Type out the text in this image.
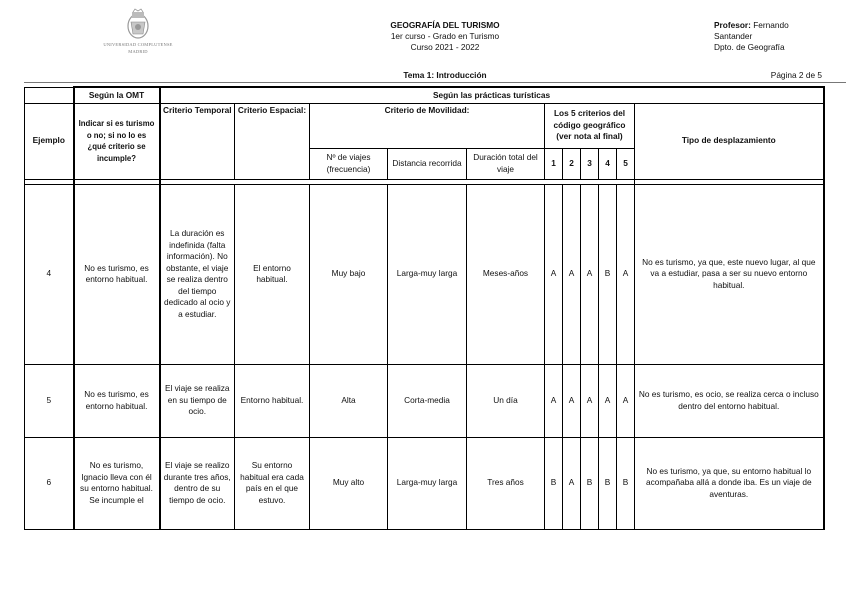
UNIVERSIDAD COMPLUTENSE
MADRID
GEOGRAFÍA DEL TURISMO
1er curso - Grado en Turismo
Curso 2021 - 2022
Profesor: Fernando
Santander
Dpto. de Geografía
Tema 1: Introducción	Página 2 de 5
	Según la OMT	Según las prácticas turísticas										
Ejemplo	Indicar si es turismo o no; si no lo es ¿qué criterio se incumple?	Criterio Temporal	Criterio Espacial:	Criterio de Movilidad:			Los 5 criterios del código geográfico (ver nota al final)					Tipo de desplazamiento
				Nº de viajes (frecuencia)	Distancia recorrida	Duración total del viaje	1	2	3	4	5	

4	No es turismo, es entorno habitual.	La duración es indefinida (falta información). No obstante, el viaje se realiza dentro del tiempo dedicado al ocio y a estudiar.	El entorno habitual.	Muy bajo	Larga-muy larga	Meses-años	A	A	A	B	A	No es turismo, ya que, este nuevo lugar, al que va a estudiar, pasa a ser su nuevo entorno habitual.
5	No es turismo, es entorno habitual.	El viaje se realiza en su tiempo de ocio.	Entorno habitual.	Alta	Corta-media	Un día	A	A	A	A	A	No es turismo, es ocio, se realiza cerca o incluso dentro del entorno habitual.
6	No es turismo, Ignacio lleva con él su entorno habitual. Se incumple el	El viaje se realizo durante tres años, dentro de su tiempo de ocio.	Su entorno habitual era cada país en el que estuvo.	Muy alto	Larga-muy larga	Tres años	B	A	B	B	B	No es turismo, ya que, su entorno habitual lo acompañaba allá a donde iba. Es un viaje de aventuras.
